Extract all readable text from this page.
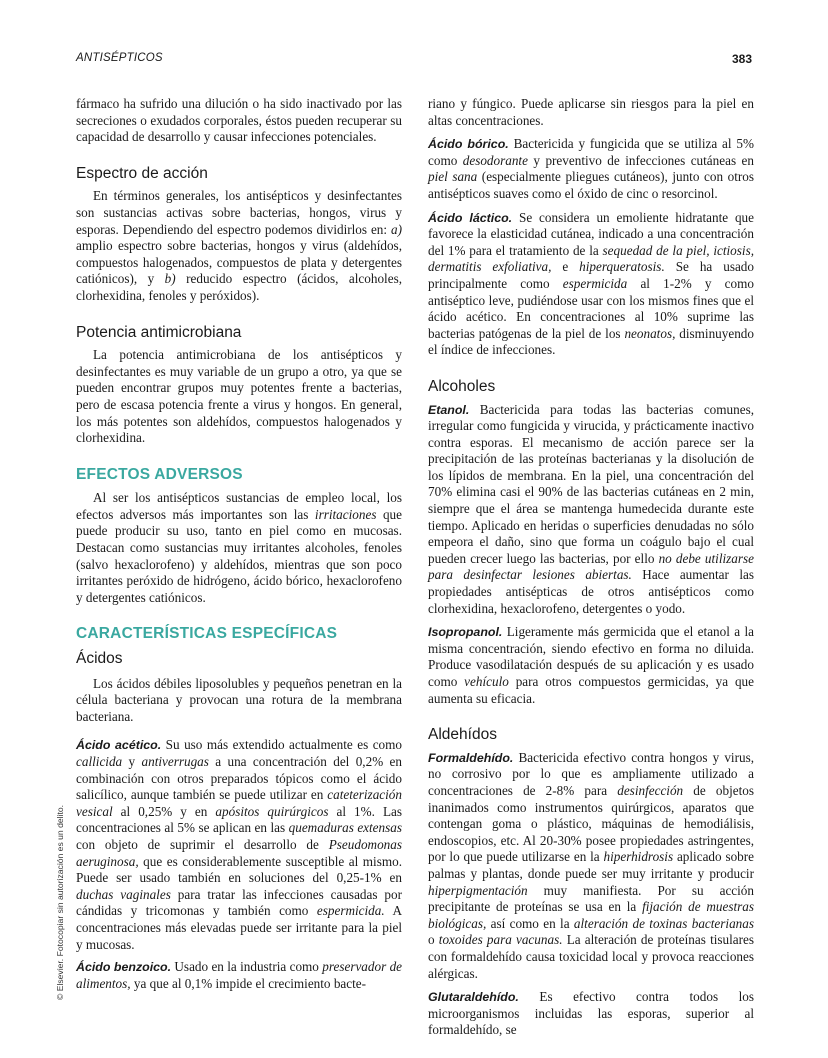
ANTISÉPTICOS	383
© Elsevier. Fotocopiar sin autorización es un delito.

fármaco ha sufrido una dilución o ha sido inactivado por las secreciones o exudados corporales, éstos pueden recuperar su capacidad de desarrollo y causar infecciones potenciales.

Espectro de acción

En términos generales, los antisépticos y desinfectantes son sustancias activas sobre bacterias, hongos, virus y esporas. Dependiendo del espectro podemos dividirlos en: a) amplio espectro sobre bacterias, hongos y virus (aldehídos, compuestos halogenados, compuestos de plata y detergentes catiónicos), y b) reducido espectro (ácidos, alcoholes, clorhexidina, fenoles y peróxidos).

Potencia antimicrobiana

La potencia antimicrobiana de los antisépticos y desinfectantes es muy variable de un grupo a otro, ya que se pueden encontrar grupos muy potentes frente a bacterias, pero de escasa potencia frente a virus y hongos. En general, los más potentes son aldehídos, compuestos halogenados y clorhexidina.

EFECTOS ADVERSOS

Al ser los antisépticos sustancias de empleo local, los efectos adversos más importantes son las irritaciones que puede producir su uso, tanto en piel como en mucosas. Destacan como sustancias muy irritantes alcoholes, fenoles (salvo hexaclorofeno) y aldehídos, mientras que son poco irritantes peróxido de hidrógeno, ácido bórico, hexaclorofeno y detergentes catiónicos.

CARACTERÍSTICAS ESPECÍFICAS
Ácidos

Los ácidos débiles liposolubles y pequeños penetran en la célula bacteriana y provocan una rotura de la membrana bacteriana.

Ácido acético. Su uso más extendido actualmente es como callicida y antiverrugas a una concentración del 0,2% en combinación con otros preparados tópicos como el ácido salicílico, aunque también se puede utilizar en cateterización vesical al 0,25% y en apósitos quirúrgicos al 1%. Las concentraciones al 5% se aplican en las quemaduras extensas con objeto de suprimir el desarrollo de Pseudomonas aeruginosa, que es considerablemente susceptible al mismo. Puede ser usado también en soluciones del 0,25-1% en duchas vaginales para tratar las infecciones causadas por cándidas y tricomonas y también como espermicida. A concentraciones más elevadas puede ser irritante para la piel y mucosas.

Ácido benzoico. Usado en la industria como preservador de alimentos, ya que al 0,1% impide el crecimiento bacte-

riano y fúngico. Puede aplicarse sin riesgos para la piel en altas concentraciones.

Ácido bórico. Bactericida y fungicida que se utiliza al 5% como desodorante y preventivo de infecciones cutáneas en piel sana (especialmente pliegues cutáneos), junto con otros antisépticos suaves como el óxido de cinc o resorcinol.

Ácido láctico. Se considera un emoliente hidratante que favorece la elasticidad cutánea, indicado a una concentración del 1% para el tratamiento de la sequedad de la piel, ictiosis, dermatitis exfoliativa, e hiperqueratosis. Se ha usado principalmente como espermicida al 1-2% y como antiséptico leve, pudiéndose usar con los mismos fines que el ácido acético. En concentraciones al 10% suprime las bacterias patógenas de la piel de los neonatos, disminuyendo el índice de infecciones.

Alcoholes

Etanol. Bactericida para todas las bacterias comunes, irregular como fungicida y virucida, y prácticamente inactivo contra esporas. El mecanismo de acción parece ser la precipitación de las proteínas bacterianas y la disolución de los lípidos de membrana. En la piel, una concentración del 70% elimina casi el 90% de las bacterias cutáneas en 2 min, siempre que el área se mantenga humedecida durante este tiempo. Aplicado en heridas o superficies denudadas no sólo empeora el daño, sino que forma un coágulo bajo el cual pueden crecer luego las bacterias, por ello no debe utilizarse para desinfectar lesiones abiertas. Hace aumentar las propiedades antisépticas de otros antisépticos como clorhexidina, hexaclorofeno, detergentes o yodo.

Isopropanol. Ligeramente más germicida que el etanol a la misma concentración, siendo efectivo en forma no diluida. Produce vasodilatación después de su aplicación y es usado como vehículo para otros compuestos germicidas, ya que aumenta su eficacia.

Aldehídos

Formaldehído. Bactericida efectivo contra hongos y virus, no corrosivo por lo que es ampliamente utilizado a concentraciones de 2-8% para desinfección de objetos inanimados como instrumentos quirúrgicos, aparatos que contengan goma o plástico, máquinas de hemodiálisis, endoscopios, etc. Al 20-30% posee propiedades astringentes, por lo que puede utilizarse en la hiperhidrosis aplicado sobre palmas y plantas, donde puede ser muy irritante y producir hiperpigmentación muy manifiesta. Por su acción precipitante de proteínas se usa en la fijación de muestras biológicas, así como en la alteración de toxinas bacterianas o toxoides para vacunas. La alteración de proteínas tisulares con formaldehído causa toxicidad local y provoca reacciones alérgicas.

Glutaraldehído. Es efectivo contra todos los microorganismos incluidas las esporas, superior al formaldehído, se
